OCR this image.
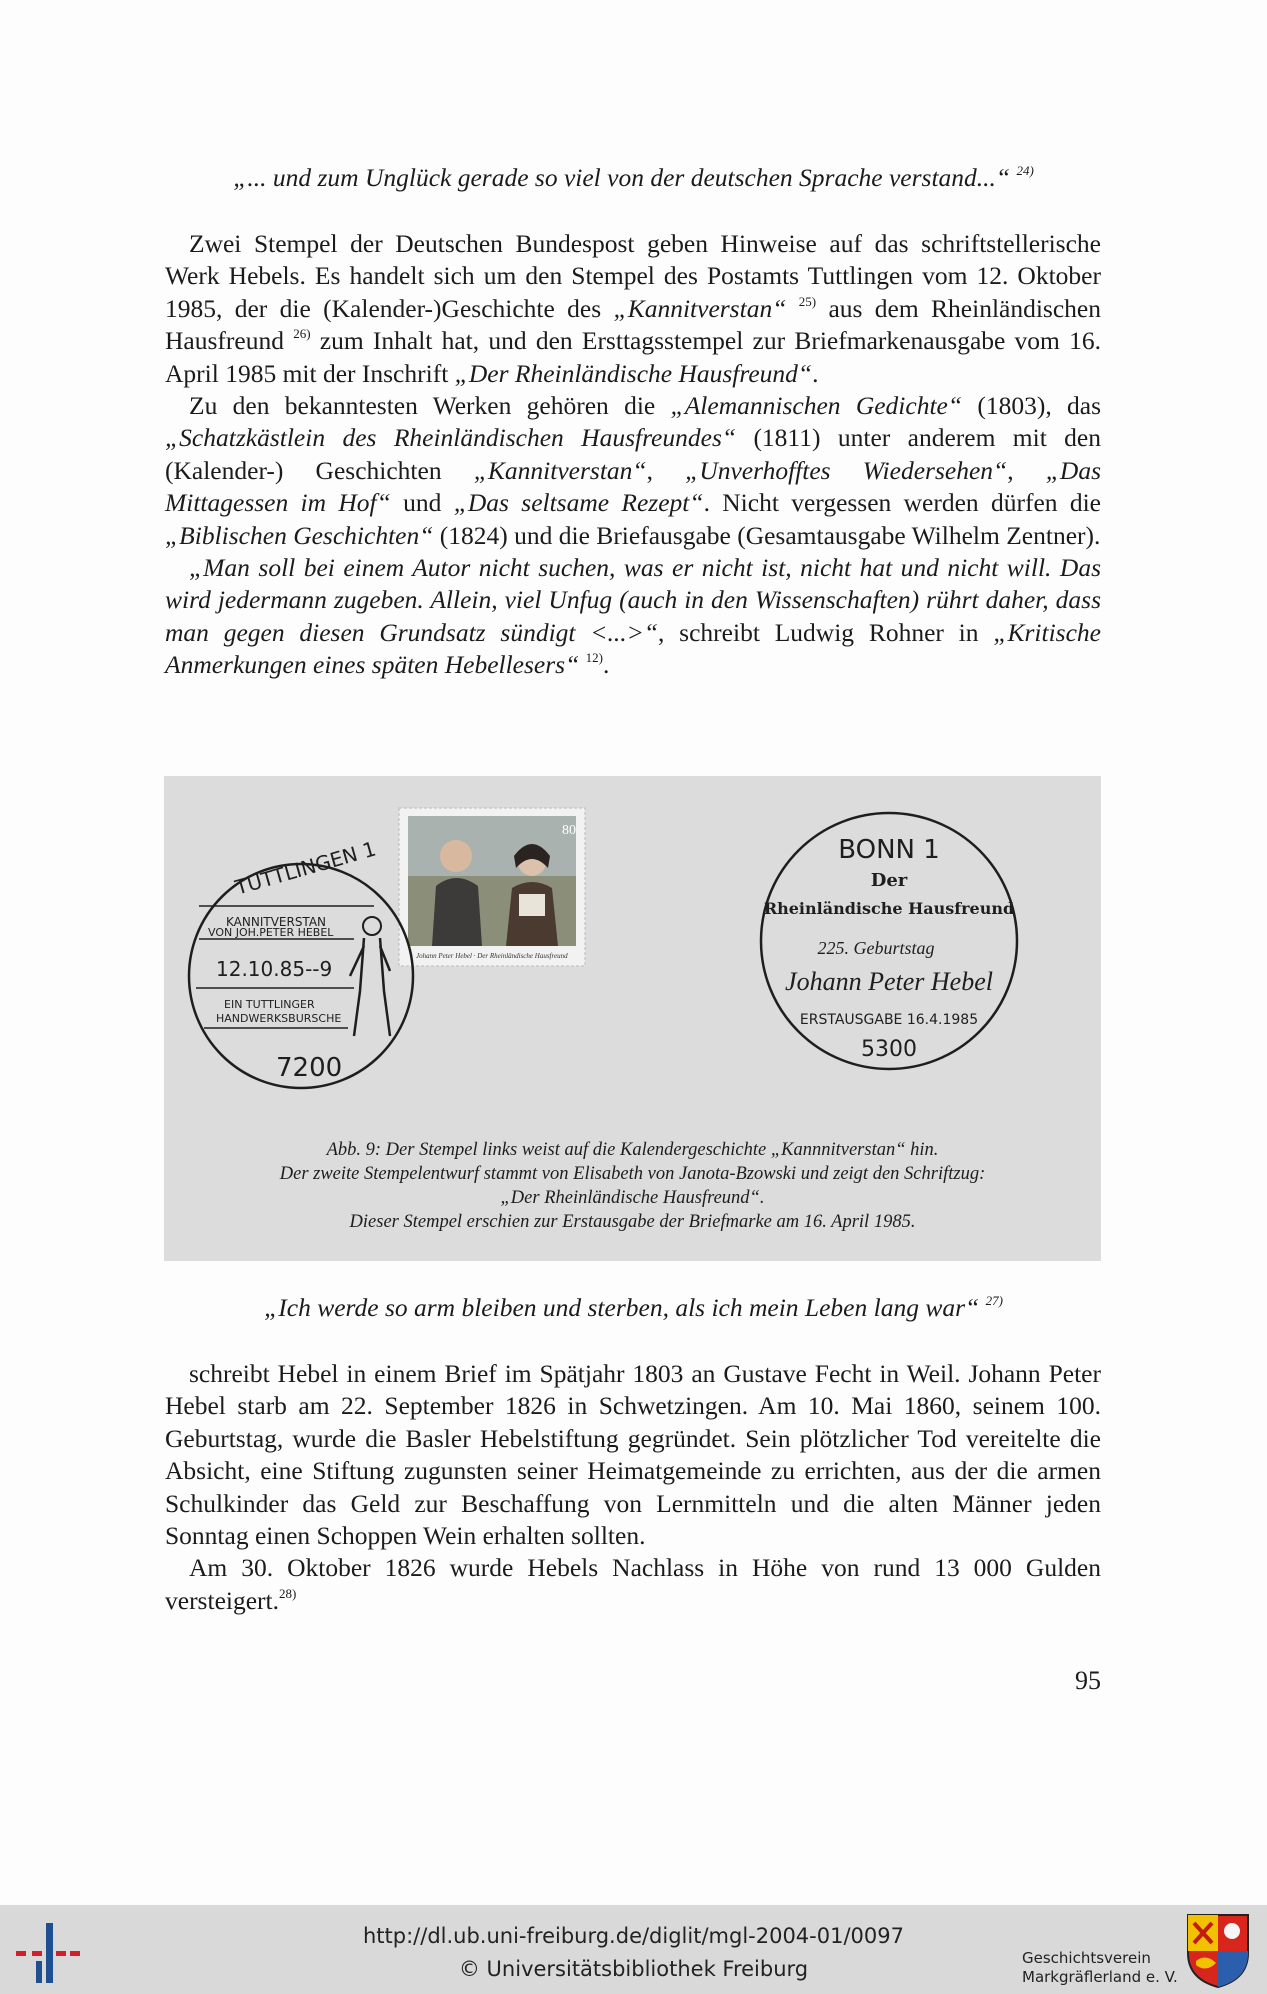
„... und zum Unglück gerade so viel von der deutschen Sprache verstand...“ $^{24)}$

Zwei Stempel der Deutschen Bundespost geben Hinweise auf das schriftstellerische Werk Hebels. Es handelt sich um den Stempel des Postamts Tuttlingen vom 12. Oktober 1985, der die (Kalender-)Geschichte des „Kannitverstan“ $^{25)}$ aus dem Rheinländischen Hausfreund $^{26)}$ zum Inhalt hat, und den Ersttagsstempel zur Briefmarkenausgabe vom 16. April 1985 mit der Inschrift „Der Rheinländische Hausfreund“.

Zu den bekanntesten Werken gehören die „Alemannischen Gedichte“ (1803), das „Schatzkästlein des Rheinländischen Hausfreundes“ (1811) unter anderem mit den (Kalender-) Geschichten „Kannitverstan“, „Unverhofftes Wiedersehen“, „Das Mittagessen im Hof“ und „Das seltsame Rezept“. Nicht vergessen werden dürfen die „Biblischen Geschichten“ (1824) und die Briefausgabe (Gesamtausgabe Wilhelm Zentner).

„Man soll bei einem Autor nicht suchen, was er nicht ist, nicht hat und nicht will. Das wird jedermann zugeben. Allein, viel Unfug (auch in den Wissenschaften) rührt daher, dass man gegen diesen Grundsatz sündigt <...>“, schreibt Ludwig Rohner in „Kritische Anmerkungen eines späten Hebellesers“ $^{12)}$.

80
Johann Peter Hebel · Der Rheinländische Hausfreund
TUTTLINGEN 1
KANNITVERSTAN
VON JOH.PETER HEBEL
12.10.85--9
EIN TUTTLINGER
HANDWERKSBURSCHE
7200
BONN 1
Der
Rheinländische Hausfreund
225. Geburtstag
Johann Peter Hebel
ERSTAUSGABE 16.4.1985
5300
Abb. 9: Der Stempel links weist auf die Kalendergeschichte „Kannnitverstan“ hin.
Der zweite Stempelentwurf stammt von Elisabeth von Janota-Bzowski und zeigt den Schriftzug:
„Der Rheinländische Hausfreund“.
Dieser Stempel erschien zur Erstausgabe der Briefmarke am 16. April 1985.
„Ich werde so arm bleiben und sterben, als ich mein Leben lang war“ $^{27)}$

schreibt Hebel in einem Brief im Spätjahr 1803 an Gustave Fecht in Weil. Johann Peter Hebel starb am 22. September 1826 in Schwetzingen. Am 10. Mai 1860, seinem 100. Geburtstag, wurde die Basler Hebelstiftung gegründet. Sein plötzlicher Tod vereitelte die Absicht, eine Stiftung zugunsten seiner Heimatgemeinde zu errichten, aus der die armen Schulkinder das Geld zur Beschaffung von Lernmitteln und die alten Männer jeden Sonntag einen Schoppen Wein erhalten sollten.

Am 30. Oktober 1826 wurde Hebels Nachlass in Höhe von rund 13 000 Gulden versteigert.$^{28)}$

95
http://dl.ub.uni-freiburg.de/diglit/mgl-2004-01/0097
© Universitätsbibliothek Freiburg	Geschichtsverein
Markgräflerland e. V.
